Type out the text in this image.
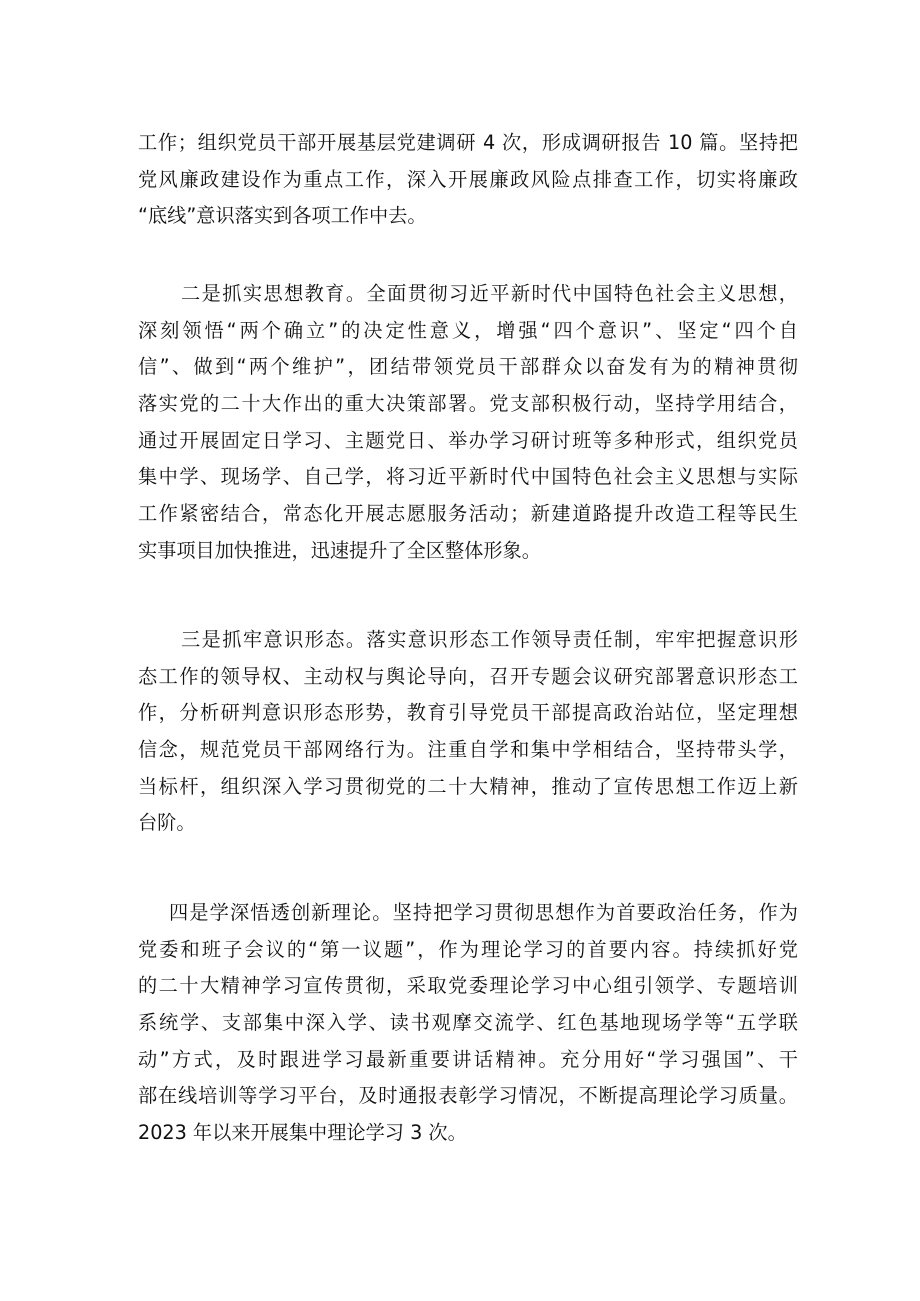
工作；组织党员干部开展基层党建调研 4 次，形成调研报告 10 篇。坚持把
党风廉政建设作为重点工作，深入开展廉政风险点排查工作，切实将廉政
“底线”意识落实到各项工作中去。
二是抓实思想教育。全面贯彻习近平新时代中国特色社会主义思想，
深刻领悟“两个确立”的决定性意义，增强“四个意识”、坚定“四个自
信”、做到“两个维护”，团结带领党员干部群众以奋发有为的精神贯彻
落实党的二十大作出的重大决策部署。党支部积极行动，坚持学用结合，
通过开展固定日学习、主题党日、举办学习研讨班等多种形式，组织党员
集中学、现场学、自己学，将习近平新时代中国特色社会主义思想与实际
工作紧密结合，常态化开展志愿服务活动；新建道路提升改造工程等民生
实事项目加快推进，迅速提升了全区整体形象。
三是抓牢意识形态。落实意识形态工作领导责任制，牢牢把握意识形
态工作的领导权、主动权与舆论导向，召开专题会议研究部署意识形态工
作，分析研判意识形态形势，教育引导党员干部提高政治站位，坚定理想
信念，规范党员干部网络行为。注重自学和集中学相结合，坚持带头学，
当标杆，组织深入学习贯彻党的二十大精神，推动了宣传思想工作迈上新
台阶。
四是学深悟透创新理论。坚持把学习贯彻思想作为首要政治任务，作为
党委和班子会议的“第一议题”，作为理论学习的首要内容。持续抓好党
的二十大精神学习宣传贯彻，采取党委理论学习中心组引领学、专题培训
系统学、支部集中深入学、读书观摩交流学、红色基地现场学等“五学联
动”方式，及时跟进学习最新重要讲话精神。充分用好“学习强国”、干
部在线培训等学习平台，及时通报表彰学习情况，不断提高理论学习质量。
2023 年以来开展集中理论学习 3 次。
